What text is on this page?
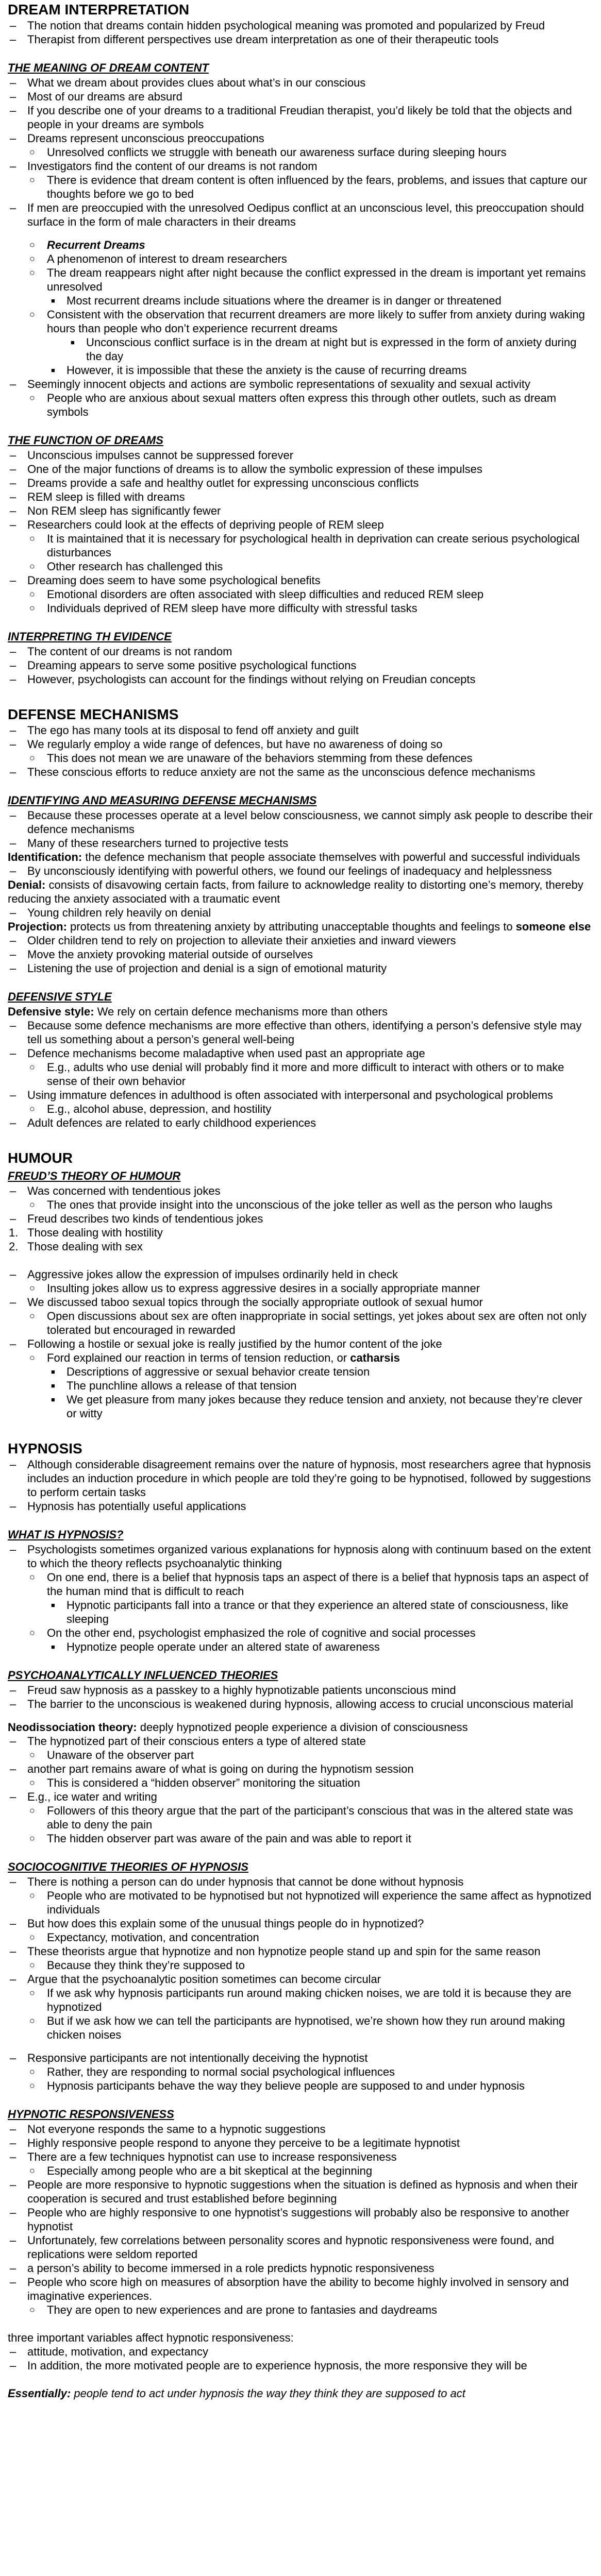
DREAM INTERPRETATION
– The notion that dreams contain hidden psychological meaning was promoted and popularized by Freud
– Therapist from different perspectives use dream interpretation as one of their therapeutic tools
THE MEANING OF DREAM CONTENT
– What we dream about provides clues about what’s in our conscious
– Most of our dreams are absurd
– If you describe one of your dreams to a traditional Freudian therapist, you’d likely be told that the objects and people in your dreams are symbols
– Dreams represent unconscious preoccupations
○ Unresolved conflicts we struggle with beneath our awareness surface during sleeping hours
– Investigators find the content of our dreams is not random
○ There is evidence that dream content is often influenced by the fears, problems, and issues that capture our thoughts before we go to bed
– If men are preoccupied with the unresolved Oedipus conflict at an unconscious level, this preoccupation should surface in the form of male characters in their dreams
○ Recurrent Dreams
○ A phenomenon of interest to dream researchers
○ The dream reappears night after night because the conflict expressed in the dream is important yet remains unresolved
■ Most recurrent dreams include situations where the dreamer is in danger or threatened
○ Consistent with the observation that recurrent dreamers are more likely to suffer from anxiety during waking hours than people who don’t experience recurrent dreams
■ Unconscious conflict surface is in the dream at night but is expressed in the form of anxiety during the day
■ However, it is impossible that these the anxiety is the cause of recurring dreams
– Seemingly innocent objects and actions are symbolic representations of sexuality and sexual activity
○ People who are anxious about sexual matters often express this through other outlets, such as dream symbols
THE FUNCTION OF DREAMS
– Unconscious impulses cannot be suppressed forever
– One of the major functions of dreams is to allow the symbolic expression of these impulses
– Dreams provide a safe and healthy outlet for expressing unconscious conflicts
– REM sleep is filled with dreams
– Non REM sleep has significantly fewer
– Researchers could look at the effects of depriving people of REM sleep
○ It is maintained that it is necessary for psychological health in deprivation can create serious psychological disturbances
○ Other research has challenged this
– Dreaming does seem to have some psychological benefits
○ Emotional disorders are often associated with sleep difficulties and reduced REM sleep
○ Individuals deprived of REM sleep have more difficulty with stressful tasks
INTERPRETING TH EVIDENCE
– The content of our dreams is not random
– Dreaming appears to serve some positive psychological functions
– However, psychologists can account for the findings without relying on Freudian concepts
DEFENSE MECHANISMS
– The ego has many tools at its disposal to fend off anxiety and guilt
– We regularly employ a wide range of defences, but have no awareness of doing so
○ This does not mean we are unaware of the behaviors stemming from these defences
– These conscious efforts to reduce anxiety are not the same as the unconscious defence mechanisms
IDENTIFYING AND MEASURING DEFENSE MECHANISMS
– Because these processes operate at a level below consciousness, we cannot simply ask people to describe their defence mechanisms
– Many of these researchers turned to projective tests

Identification: the defence mechanism that people associate themselves with powerful and successful individuals

– By unconsciously identifying with powerful others, we found our feelings of inadequacy and helplessness

Denial: consists of disavowing certain facts, from failure to acknowledge reality to distorting one’s memory, thereby reducing the anxiety associated with a traumatic event

– Young children rely heavily on denial

Projection: protects us from threatening anxiety by attributing unacceptable thoughts and feelings to someone else

– Older children tend to rely on projection to alleviate their anxieties and inward viewers
– Move the anxiety provoking material outside of ourselves
– Listening the use of projection and denial is a sign of emotional maturity
DEFENSIVE STYLE

Defensive style: We rely on certain defence mechanisms more than others

– Because some defence mechanisms are more effective than others, identifying a person’s defensive style may tell us something about a person’s general well-being
– Defence mechanisms become maladaptive when used past an appropriate age
○ E.g., adults who use denial will probably find it more and more difficult to interact with others or to make sense of their own behavior
– Using immature defences in adulthood is often associated with interpersonal and psychological problems
○ E.g., alcohol abuse, depression, and hostility
– Adult defences are related to early childhood experiences
HUMOUR
FREUD’S THEORY OF HUMOUR
– Was concerned with tendentious jokes
○ The ones that provide insight into the unconscious of the joke teller as well as the person who laughs
– Freud describes two kinds of tendentious jokes
1. Those dealing with hostility
2. Those dealing with sex
– Aggressive jokes allow the expression of impulses ordinarily held in check
○ Insulting jokes allow us to express aggressive desires in a socially appropriate manner
– We discussed taboo sexual topics through the socially appropriate outlook of sexual humor
○ Open discussions about sex are often inappropriate in social settings, yet jokes about sex are often not only tolerated but encouraged in rewarded
– Following a hostile or sexual joke is really justified by the humor content of the joke
○ Ford explained our reaction in terms of tension reduction, or catharsis
■ Descriptions of aggressive or sexual behavior create tension
■ The punchline allows a release of that tension
■ We get pleasure from many jokes because they reduce tension and anxiety, not because they’re clever or witty
HYPNOSIS
– Although considerable disagreement remains over the nature of hypnosis, most researchers agree that hypnosis includes an induction procedure in which people are told they’re going to be hypnotised, followed by suggestions to perform certain tasks
– Hypnosis has potentially useful applications
WHAT IS HYPNOSIS?
– Psychologists sometimes organized various explanations for hypnosis along with continuum based on the extent to which the theory reflects psychoanalytic thinking
○ On one end, there is a belief that hypnosis taps an aspect of there is a belief that hypnosis taps an aspect of the human mind that is difficult to reach
■ Hypnotic participants fall into a trance or that they experience an altered state of consciousness, like sleeping
○ On the other end, psychologist emphasized the role of cognitive and social processes
■ Hypnotize people operate under an altered state of awareness
PSYCHOANALYTICALLY INFLUENCED THEORIES
– Freud saw hypnosis as a passkey to a highly hypnotizable patients unconscious mind
– The barrier to the unconscious is weakened during hypnosis, allowing access to crucial unconscious material

Neodissociation theory: deeply hypnotized people experience a division of consciousness

– The hypnotized part of their conscious enters a type of altered state
○ Unaware of the observer part
– another part remains aware of what is going on during the hypnotism session
○ This is considered a “hidden observer” monitoring the situation
– E.g., ice water and writing
○ Followers of this theory argue that the part of the participant’s conscious that was in the altered state was able to deny the pain
○ The hidden observer part was aware of the pain and was able to report it
SOCIOCOGNITIVE THEORIES OF HYPNOSIS
– There is nothing a person can do under hypnosis that cannot be done without hypnosis
○ People who are motivated to be hypnotised but not hypnotized will experience the same affect as hypnotized individuals
– But how does this explain some of the unusual things people do in hypnotized?
○ Expectancy, motivation, and concentration
– These theorists argue that hypnotize and non hypnotize people stand up and spin for the same reason
○ Because they think they’re supposed to
– Argue that the psychoanalytic position sometimes can become circular
○ If we ask why hypnosis participants run around making chicken noises, we are told it is because they are hypnotized
○ But if we ask how we can tell the participants are hypnotised, we’re shown how they run around making chicken noises
– Responsive participants are not intentionally deceiving the hypnotist
○ Rather, they are responding to normal social psychological influences
○ Hypnosis participants behave the way they believe people are supposed to and under hypnosis
HYPNOTIC RESPONSIVENESS
– Not everyone responds the same to a hypnotic suggestions
– Highly responsive people respond to anyone they perceive to be a legitimate hypnotist
– There are a few techniques hypnotist can use to increase responsiveness
○ Especially among people who are a bit skeptical at the beginning
– People are more responsive to hypnotic suggestions when the situation is defined as hypnosis and when their cooperation is secured and trust established before beginning
– People who are highly responsive to one hypnotist’s suggestions will probably also be responsive to another hypnotist
– Unfortunately, few correlations between personality scores and hypnotic responsiveness were found, and replications were seldom reported
– a person’s ability to become immersed in a role predicts hypnotic responsiveness
– People who score high on measures of absorption have the ability to become highly involved in sensory and imaginative experiences.
○ They are open to new experiences and are prone to fantasies and daydreams

three important variables affect hypnotic responsiveness:

– attitude, motivation, and expectancy
– In addition, the more motivated people are to experience hypnosis, the more responsive they will be

Essentially: people tend to act under hypnosis the way they think they are supposed to act
